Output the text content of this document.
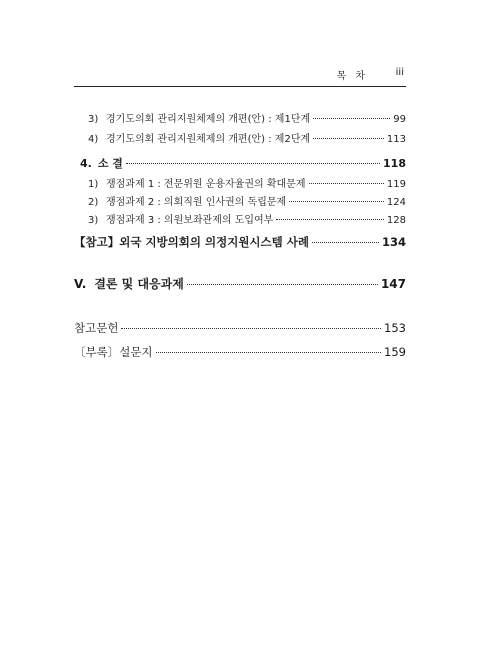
목 차	iii
3) 경기도의회 관리지원체제의 개편(안) : 제1단계	99
4) 경기도의회 관리지원체제의 개편(안) : 제2단계	113
4. 소 결	118
1) 쟁점과제 1 : 전문위원 운용자율권의 확대문제	119
2) 쟁점과제 2 : 의회직원 인사권의 독립문제	124
3) 쟁점과제 3 : 의원보좌관제의 도입여부	128
【참고】외국 지방의회의 의정지원시스템 사례	134
V. 결론 및 대응과제	147
참고문헌	153
〔부록〕설문지	159
